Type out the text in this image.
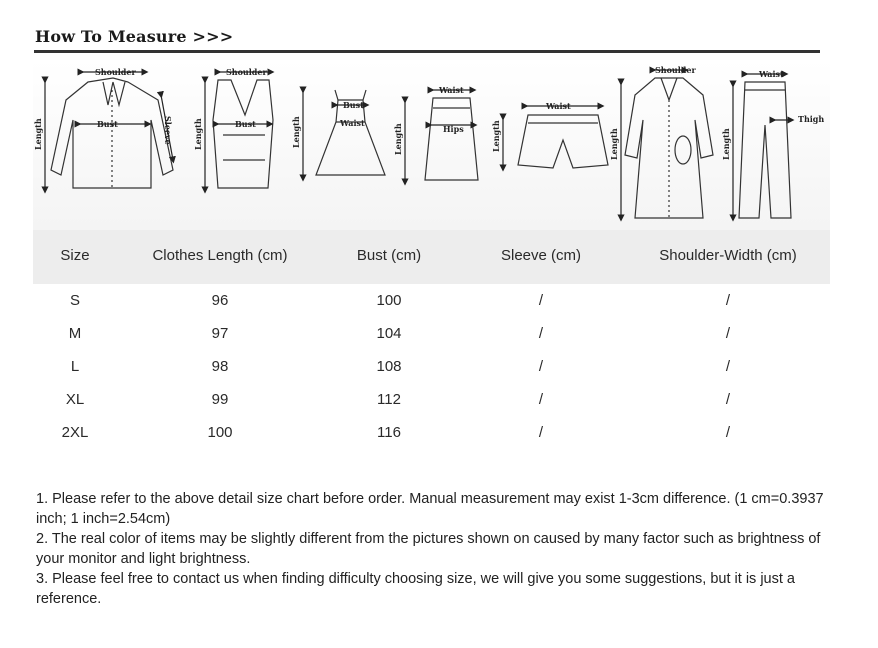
How To Measure >>>
Shoulder
Bust
Length	Sleeve
Shoulder
Bust
Length
Bust
Waist
Length
Waist
Hips
Length
Waist
Length
Shoulder
Length
Waist
Thigh
Length
Size	Clothes Length (cm)	Bust (cm)	Sleeve (cm)	Shoulder-Width (cm)
S	96	100	/	/
M	97	104	/	/
L	98	108	/	/
XL	99	112	/	/
2XL	100	116	/	/

1. Please refer to the above detail size chart before order. Manual measurement may exist 1-3cm difference. (1 cm=0.3937 inch; 1 inch=2.54cm)

2. The real color of items may be slightly different from the pictures shown on caused by many factor such as brightness of your monitor and light brightness.

3. Please feel free to contact us when finding difficulty choosing size, we will give you some suggestions, but it is just a reference.
